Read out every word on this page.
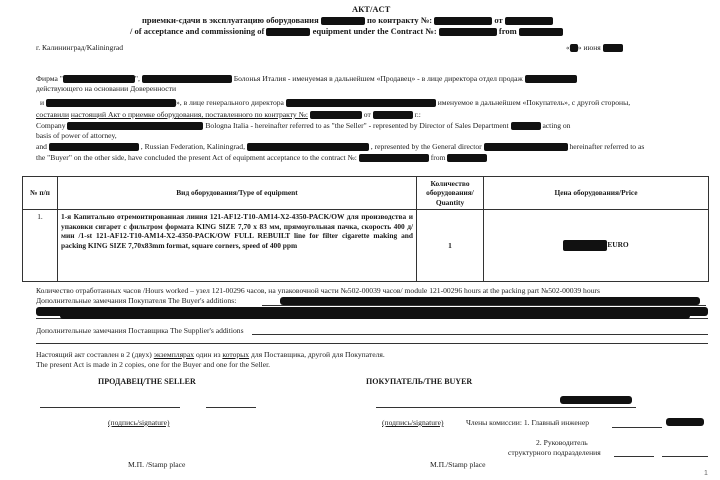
АКТ/ACT
приемки-сдачи в эксплуатацию оборудования	по контракту №:	от
/ of acceptance and commissioning of	equipment under the Contract №:	from
г. Калининград/Kaliningrad	« » июня
Фирма "	",	Болонья Италия - именуемая в дальнейшем «Продавец» - в лице директора отдел продаж
действующего на основании Доверенности
и	», в лице генерального директора	именуемое в дальнейшем «Покупатель», с другой стороны,
составили настоящий Акт о приемке оборудования, поставленного по контракту №:	от	г.:
Company	Bologna Italia - hereinafter referred to as "the Seller" - represented by Director of Sales Department	acting on
basis of power of attorney,
and	, Russian Federation, Kaliningrad,	, represented by the General director	hereinafter referred to as
the "Buyer" on the other side, have concluded the present Act of equipment acceptance to the contract №:	from
№ п/п	Вид оборудования/Type of equipment	Количество оборудования/ Quantity	Цена оборудования/Price
1.	1-я Капитально отремонтированная линия 121-AF12-T10-AM14-X2-4350-PACK/OW для производства и упаковки сигарет с фильтром формата KING SIZE 7,70 х 83 мм, прямоугольная пачка, скорость 400 д/мин /1-st 121-AF12-T10-AM14-X2-4350-PACK/OW FULL REBUILT line for filter cigarette making and packing KING SIZE 7,70x83mm format, square corners, speed of 400 ppm	1	EURO
Количество отработанных часов /Hours worked – узел 121-00296 часов, на упаковочной части №502-00039 часов/ module 121-00296 hours at the packing part №502-00039 hours
Дополнительные замечания Покупателя The Buyer's additions:
Дополнительные замечания Поставщика The Supplier's additions
Настоящий акт составлен в 2 (двух) экземплярах один из которых для Поставщика, другой для Покупателя.
The present Act is made in 2 copies, one for the Buyer and one for the Seller.
ПРОДАВЕЦ/THE SELLER	ПОКУПАТЕЛЬ/THE BUYER
(подпись/signature)	(подпись/signature)	Члены комиссии: 1. Главный инженер
2. Руководитель
структурного подразделения
М.П. /Stamp place	М.П./Stamp place
1
